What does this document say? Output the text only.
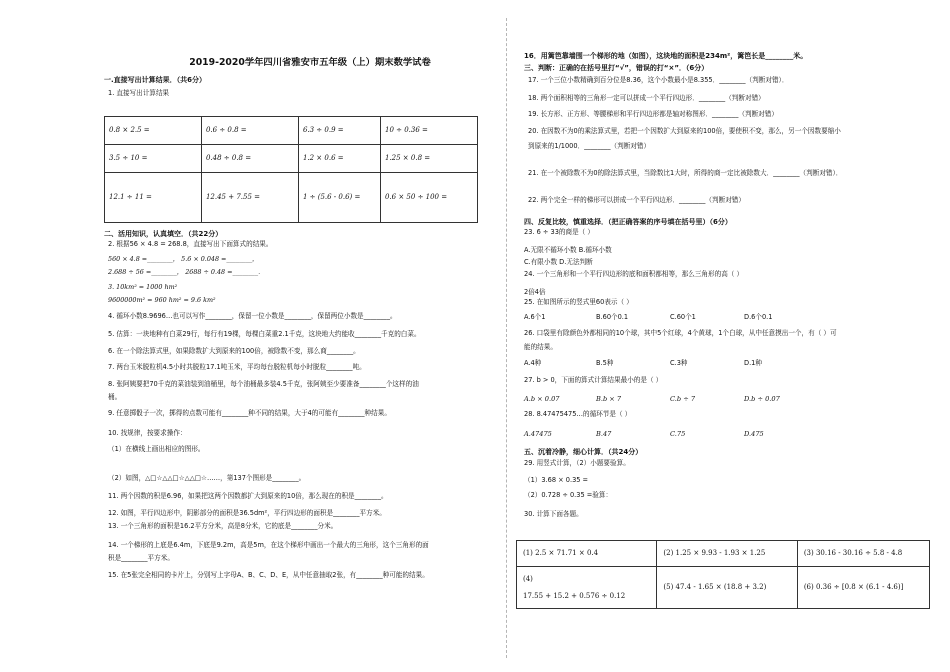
2019-2020学年四川省雅安市五年级（上）期末数学试卷
一.直接写出计算结果．（共6分）
1. 直接写出计算结果
0.8 × 2.5 =	0.6 ÷ 0.8 =	6.3 ÷ 0.9 =	10 ÷ 0.36 =
3.5 ÷ 10 =	0.48 ÷ 0.8 =	1.2 × 0.6 =	1.25 × 0.8 =
12.1 ÷ 11 =	12.45 + 7.55 =	1 ÷ (5.6 - 0.6) =	0.6 × 50 ÷ 100 =
二、活用知识，认真填空．（共22分）
2. 根据56 × 4.8 = 268.8，直接写出下面算式的结果。
560 × 4.8 =________， 5.6 × 0.048 =________，
2.688 ÷ 56 =________， 2688 ÷ 0.48 =________．
3. 10km² = 1000 hm²
9600000m² = 960 hm² = 9.6 km²
4. 循环小数8.9696…也可以写作________，保留一位小数是________，保留两位小数是________。
5. 估算：一块地种有白菜29行，每行有19棵，每棵白菜重2.1千克，这块地大约能收________千克的白菜。
6. 在一个除法算式里，如果除数扩大到原来的100倍，被除数不变，那么商________。
7. 两台玉米脱粒机4.5小时共脱粒17.1吨玉米，平均每台脱粒机每小时脱粒________吨。
8. 张阿姨要把70千克的菜油装到油桶里，每个油桶最多装4.5千克，张阿姨至少要准备________个这样的油
桶。
9. 任意掷骰子一次，掷得的点数可能有________种不同的结果，大于4的可能有________种结果。
10. 找规律，按要求操作：
（1）在横线上画出相应的图形。
（2）如图，△□☆△△□☆△△□☆……，第137个图形是________。
11. 两个因数的积是6.96，如果把这两个因数都扩大到原来的10倍，那么现在的积是________。
12. 如图，平行四边形中，阴影部分的面积是36.5dm²，平行四边形的面积是________平方米。
13. 一个三角形的面积是16.2平方分米，高是8分米，它的底是________分米。
14. 一个梯形的上底是6.4m，下底是9.2m，高是5m，在这个梯形中画出一个最大的三角形，这个三角形的面
积是________平方米。
15. 在5张完全相同的卡片上，分别写上字母A、B、C、D、E，从中任意抽取2张，有________种可能的结果。
16．用篱笆靠墙围一个梯形的地（如图），这块地的面积是234m²，篱笆长是________米。
三、判断：正确的在括号里打“√”，错误的打“×”．（6分）
17. 一个三位小数精确到百分位是8.36，这个小数最小是8.355．________（判断对错）．
18. 两个面积相等的三角形一定可以拼成一个平行四边形．________（判断对错）
19. 长方形、正方形、等腰梯形和平行四边形都是轴对称图形．________（判断对错）
20. 在因数不为0的乘法算式里，若把一个因数扩大到原来的100倍，要使积不变，那么，另一个因数要缩小
到原来的1/1000．________（判断对错）
21. 在一个被除数不为0的除法算式里，当除数比1大时，所得的商一定比被除数大．________（判断对错）．
22. 两个完全一样的梯形可以拼成一个平行四边形．________（判断对错）
四、反复比较，慎重选择．（把正确答案的序号填在括号里）（6分）
23. 6 ÷ 33的商是（ ）
A.无限不循环小数 B.循环小数
C.有限小数 D.无法判断
24. 一个三角形和一个平行四边形的底和面积都相等，那么三角形的高（ ）
2倍4倍
25. 在如图所示的竖式里60表示（ ）
A.6个1	B.60个0.1	C.60个1	D.6个0.1
26. 口袋里有除颜色外都相同的10个球，其中5个红球，4个黄球，1个白球，从中任意摸出一个，有（ ）可
能的结果。
A.4种	B.5种	C.3种	D.1种
27. b > 0，下面的算式计算结果最小的是（ ）
A.b × 0.07	B.b × 7	C.b ÷ 7	D.b ÷ 0.07
28. 8.47475475…的循环节是（ ）
A.47475	B.47	C.75	D.475
五、沉着冷静，细心计算．（共24分）
29. 用竖式计算，（2）小题要验算。
（1）3.68 × 0.35 =
（2）0.728 ÷ 0.35 =验算：
30. 计算下面各题。
(1) 2.5 × 71.71 × 0.4	(2) 1.25 × 9.93 - 1.93 × 1.25	(3) 30.16 - 30.16 ÷ 5.8 - 4.8

(4)
17.55 + 15.2 + 0.576 ÷ 0.12	(5) 47.4 - 1.65 × (18.8 + 3.2)	(6) 0.36 ÷ [0.8 × (6.1 - 4.6)]
